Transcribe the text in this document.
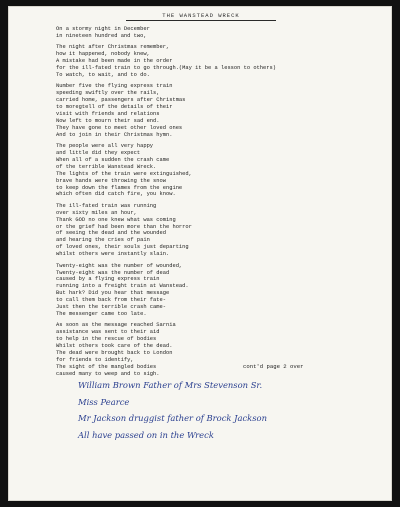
THE WANSTEAD WRECK
On a stormy night in December
in nineteen hundred and two,
The night after Christmas remember,
how it happened, nobody knew,
A mistake had been made in the order
for the ill-fated train to go through.(May it be a lesson to others)
To watch, to wait, and to do.
Number five the flying express train
speeding swiftly over the rails,
carried home, passengers after Christmas
to moregtell of the details of their
visit with friends and relations
Now left to mourn their sad end.
They have gone to meet other loved ones
And to join in their Christmas hymn.
The people were all very happy
and little did they expect
When all of a sudden the crash came
of the terrible Wanstead Wreck.
The lights of the train were extinguished,
brave hands were throwing the snow
to keep down the flames from the engine
which often did catch fire, you know.
The ill-fated train was running
over sixty miles an hour,
Thank GOD no one knew what was coming
or the grief had been more than the horror
of seeing the dead and the wounded
and hearing the cries of pain
of loved ones, their souls just departing
whilst others were instantly slain.
Twenty-eight was the number of wounded,
Twenty-eight was the number of dead
caused by a flying express train
running into a freight train at Wanstead.
But hark? Did you hear that message
to call them back from their fate-
Just then the terrible crash came-
The messenger came too late.
As soon as the message reached Sarnia
assistance was sent to their aid
to help in the rescue of bodies
Whilst others took care of the dead.
The dead were brought back to London
for friends to identify,
The sight of the mangled bodies
caused many to weep and to sigh.
cont'd page 2 over
William Brown Father of Mrs Stevenson Sr.
Miss Pearce
Mr Jackson druggist father of Brock Jackson
All have passed on in the Wreck
